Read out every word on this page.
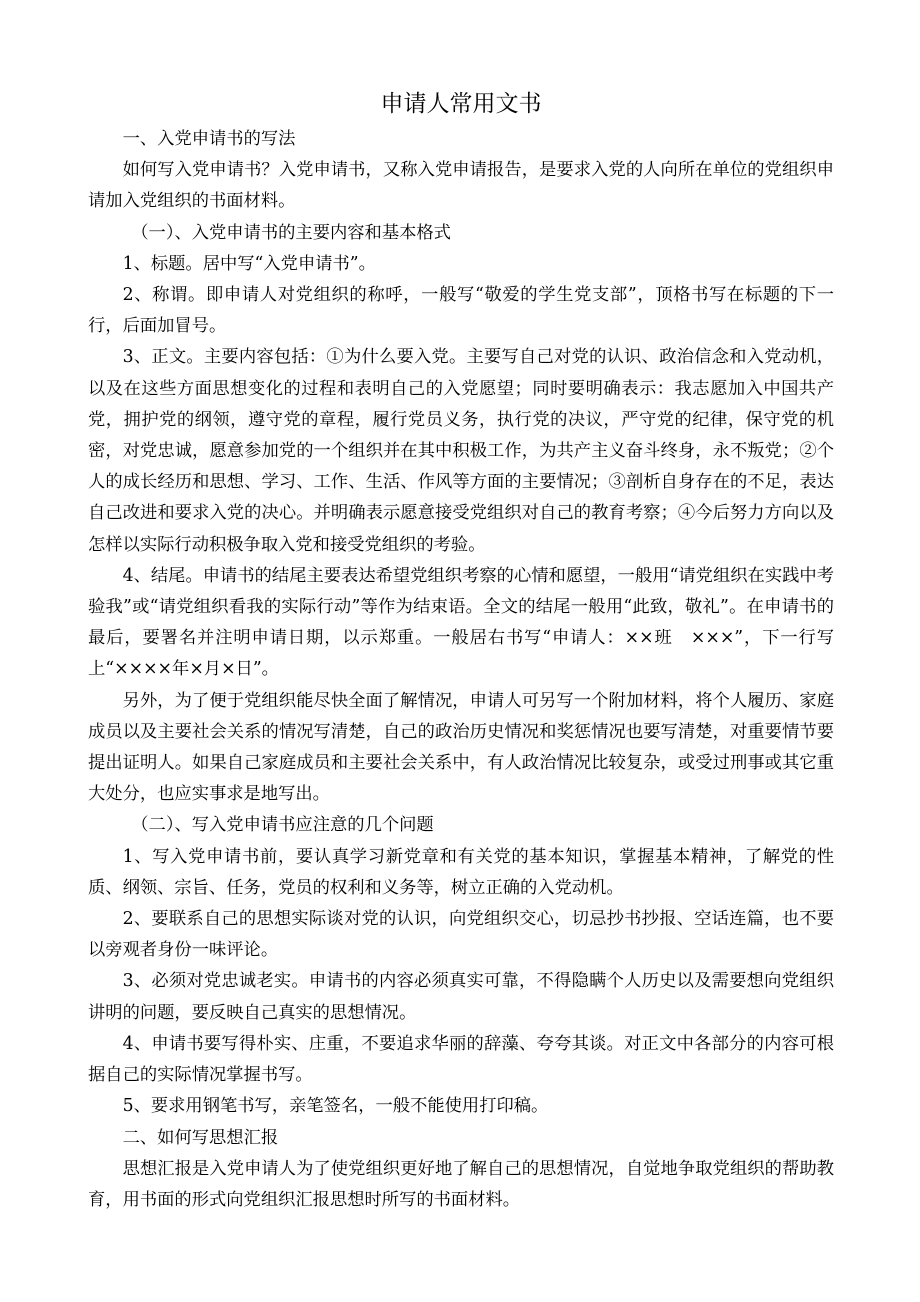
申请人常用文书

一、入党申请书的写法

如何写入党申请书？入党申请书，又称入党申请报告，是要求入党的人向所在单位的党组织申请加入党组织的书面材料。

（一）、入党申请书的主要内容和基本格式

1、标题。居中写“入党申请书”。

2、称谓。即申请人对党组织的称呼，一般写“敬爱的学生党支部”，顶格书写在标题的下一行，后面加冒号。

3、正文。主要内容包括：①为什么要入党。主要写自己对党的认识、政治信念和入党动机，以及在这些方面思想变化的过程和表明自己的入党愿望；同时要明确表示：我志愿加入中国共产党，拥护党的纲领，遵守党的章程，履行党员义务，执行党的决议，严守党的纪律，保守党的机密，对党忠诚，愿意参加党的一个组织并在其中积极工作，为共产主义奋斗终身，永不叛党；②个人的成长经历和思想、学习、工作、生活、作风等方面的主要情况；③剖析自身存在的不足，表达自己改进和要求入党的决心。并明确表示愿意接受党组织对自己的教育考察；④今后努力方向以及怎样以实际行动积极争取入党和接受党组织的考验。

4、结尾。申请书的结尾主要表达希望党组织考察的心情和愿望，一般用“请党组织在实践中考验我”或“请党组织看我的实际行动”等作为结束语。全文的结尾一般用“此致，敬礼”。在申请书的最后，要署名并注明申请日期，以示郑重。一般居右书写“申请人：××班　×××”，下一行写上“××××年×月×日”。

另外，为了便于党组织能尽快全面了解情况，申请人可另写一个附加材料，将个人履历、家庭成员以及主要社会关系的情况写清楚，自己的政治历史情况和奖惩情况也要写清楚，对重要情节要提出证明人。如果自己家庭成员和主要社会关系中，有人政治情况比较复杂，或受过刑事或其它重大处分，也应实事求是地写出。

（二）、写入党申请书应注意的几个问题

1、写入党申请书前，要认真学习新党章和有关党的基本知识，掌握基本精神，了解党的性质、纲领、宗旨、任务，党员的权利和义务等，树立正确的入党动机。

2、要联系自己的思想实际谈对党的认识，向党组织交心，切忌抄书抄报、空话连篇，也不要以旁观者身份一味评论。

3、必须对党忠诚老实。申请书的内容必须真实可靠，不得隐瞒个人历史以及需要想向党组织讲明的问题，要反映自己真实的思想情况。

4、申请书要写得朴实、庄重，不要追求华丽的辞藻、夸夸其谈。对正文中各部分的内容可根据自己的实际情况掌握书写。

5、要求用钢笔书写，亲笔签名，一般不能使用打印稿。

二、如何写思想汇报

思想汇报是入党申请人为了使党组织更好地了解自己的思想情况，自觉地争取党组织的帮助教育，用书面的形式向党组织汇报思想时所写的书面材料。
